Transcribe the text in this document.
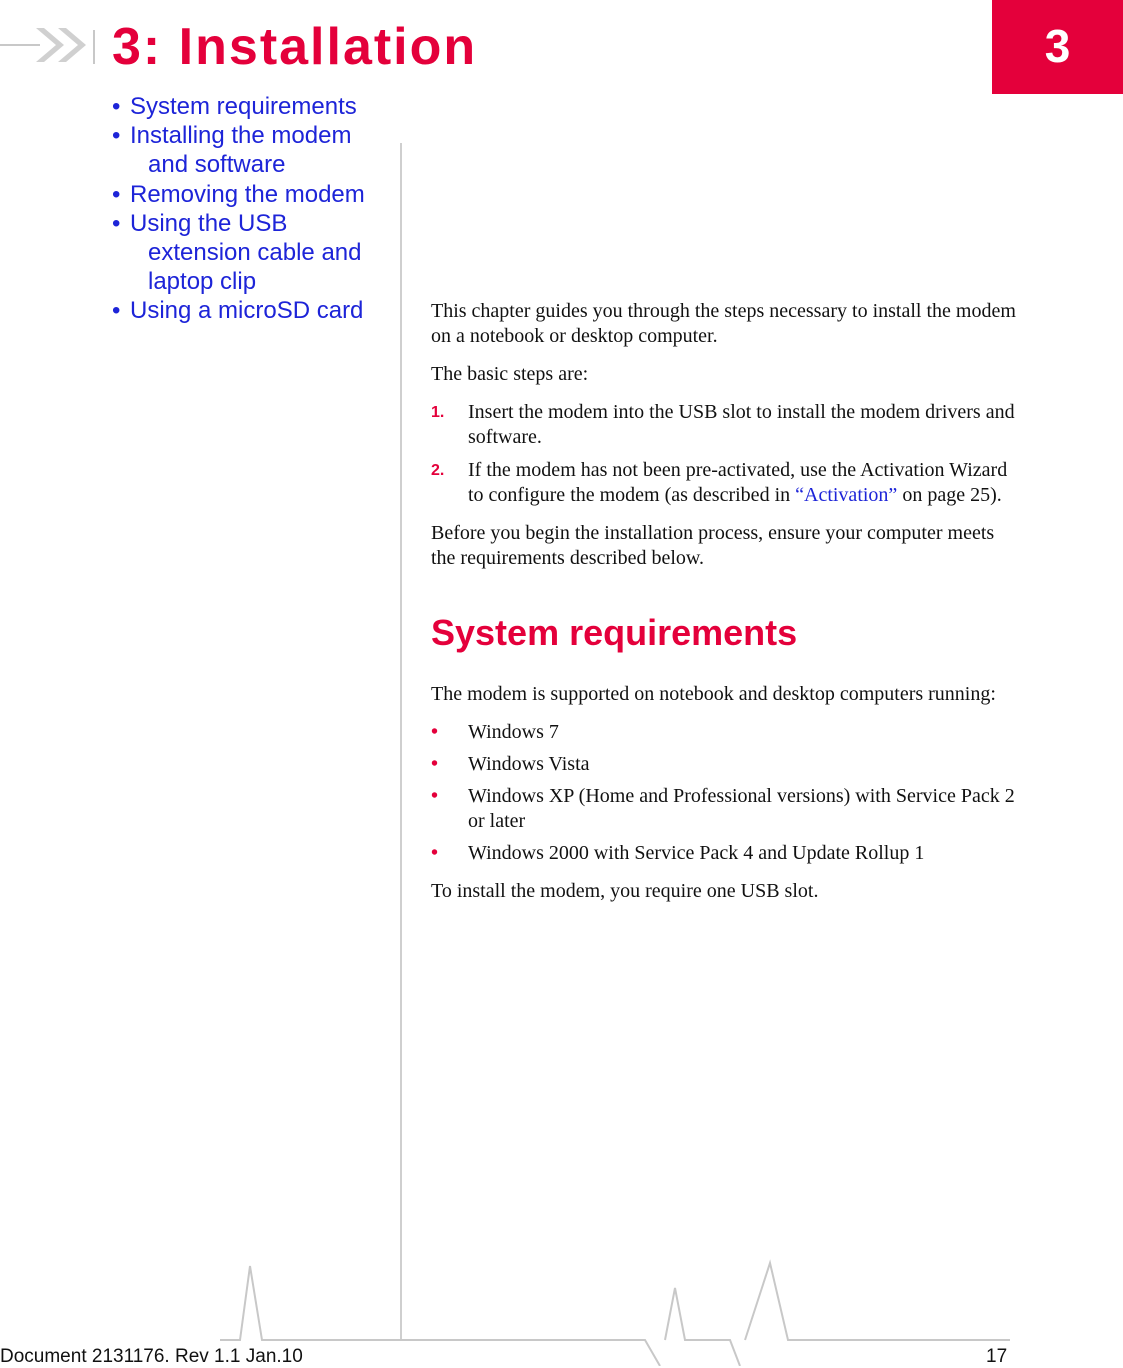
3: Installation	3
• System requirements
• Installing the modem
and software
• Removing the modem
• Using the USB
extension cable and laptop clip
• Using a microSD card	This chapter guides you through the steps necessary to install the modem on a notebook or desktop computer.

The basic steps are:

1. Insert the modem into the USB slot to install the modem drivers and software.
2. If the modem has not been pre-activated, use the Activation Wizard to configure the modem (as described in “Activation” on page 25).

Before you begin the installation process, ensure your computer meets the requirements described below.

System requirements

The modem is supported on notebook and desktop computers running:

• Windows 7
• Windows Vista
• Windows XP (Home and Professional versions) with Service Pack 2 or later
• Windows 2000 with Service Pack 4 and Update Rollup 1

To install the modem, you require one USB slot.

Document 2131176. Rev 1.1 Jan.10	17
